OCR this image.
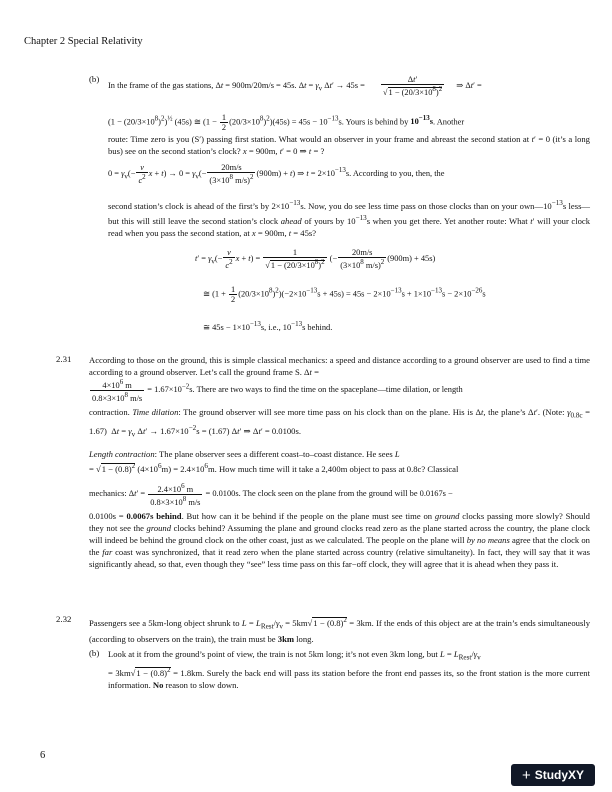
Chapter 2 Special Relativity
(b)
In the frame of the gas stations, Δt = 900m/20m/s = 45s. $\Delta t = \gamma_v$ $\Delta t' \to 45s = \frac{\Delta t'}{√1 - (20/3\times 10^8)^2}$ ⇒ Δt′ =
$(1 - (20/3\times 10^8)^2)^{\frac{1}{2}}$ (45s) ≅ $(1 - \frac{1}{2} (20/3\times 10^8)^2)(45s) = 45s - 10^{-13}s$. Yours is behind by $10^{-13}s$. Another
route: Time zero is you (S′) passing first station. What would an observer in your frame and abreast the second station at t′ = 0 (it’s a long bus) see on the second station’s clock? x = 900m, t′ = 0 ⇒ t = ?
$0 = \gamma_v(- \frac{v}{c^2}$ $x + t) \to 0 = \gamma_v(- \frac{20m/s}{(3\times 10^8 m/s)^2} (900m) + t)$ ⇒ $t = 2\times 10^{-13}s$. According to you, then, the
second station’s clock is ahead of the first’s by $2\times 10^{-13}s$. Now, you do see less time pass on those clocks than on your $own—10^{-13}s$ less—but this will still leave the second station’s clock ahead of yours by $10^{-13}s$ when you get there. Yet another route: What t′ will your clock read when you pass the second station, at x = 900m, t = 45s?
$t' = \gamma_v(- \frac{v}{c^2}$ $x + t) = \frac{1}{√1 - (20/3\times 10^8)^2}$ (− $\frac{20m/s}{(3\times 10^8 m/s)^2} (900m) + 45s$)
≅ $(1 + \frac{1}{2} (20/3\times 10^8)^2)(-2\times 10^{-13}s + 45s) = 45s - 2\times 10^{-13}s + 1\times 10^{-13}s - 2\times 10^{-26}s$
≅ $45s - 1\times 10^{-13}s$, i.e., $10^{-13}s$ behind.
2.31 According to those on the ground, this is simple classical mechanics: a speed and distance according to a ground observer are used to find a time according to a ground observer. Let’s call the ground frame S. Δt =
$\frac{4\times 10^6 m}{0.8\times 3\times 10^8 m/s} = 1.67\times 10^{-2}s$. There are two ways to find the time on the spaceplane—time dilation, or length
contraction. Time dilation: The ground observer will see more time pass on his clock than on the plane. His is Δt, the plane’s Δt′. (Note: $\gamma_{0.8c} = 1.67$)  $\Delta t = \gamma_v$ $\Delta t' \to 1.67\times 10^{-2}s = (1.67)$ Δt′ ⇒ Δt′ = 0.0100s.
Length contraction: The plane observer sees a different coast–to–coast distance. He sees L
= $√1 - (0.8)^2$ $(4\times 10^6m) = 2.4\times 10^6m$. How much time will it take a 2,400m object to pass at 0.8c? Classical
mechanics: $\Delta t' = \frac{2.4\times 10^6 m}{0.8\times 3\times 10^8 m/s} = 0.0100s$. The clock seen on the plane from the ground will be 0.0167s −
0.0100s = 0.0067s behind. But how can it be behind if the people on the plane must see time on ground clocks passing more slowly? Should they not see the ground clocks behind? Assuming the plane and ground clocks read zero as the plane started across the country, the plane clock will indeed be behind the ground clock on the other coast, just as we calculated. The people on the plane will by no means agree that the clock on the far coast was synchronized, that it read zero when the plane started across country (relative simultaneity). In fact, they will say that it was significantly ahead, so that, even though they “see” less time pass on this far−off clock, they will agree that it is ahead when they pass it.
2.32 Passengers see a 5km-long object shrunk to $L = L_{Rest}/\gamma_v = 5km√1 - (0.8)^2 = 3km$. If the ends of this object are at the train’s ends simultaneously (according to observers on the train), the train must be 3km long.
(b) Look at it from the ground’s point of view, the train is not 5km long; it’s not even 3km long, but $L = L_{Rest}/\gamma_v$
= $3km√1 - (0.8)^2 = 1.8km$. Surely the back end will pass its station before the front end passes its, so the front station is the more current information. No reason to slow down.
6
+ StudyXY
